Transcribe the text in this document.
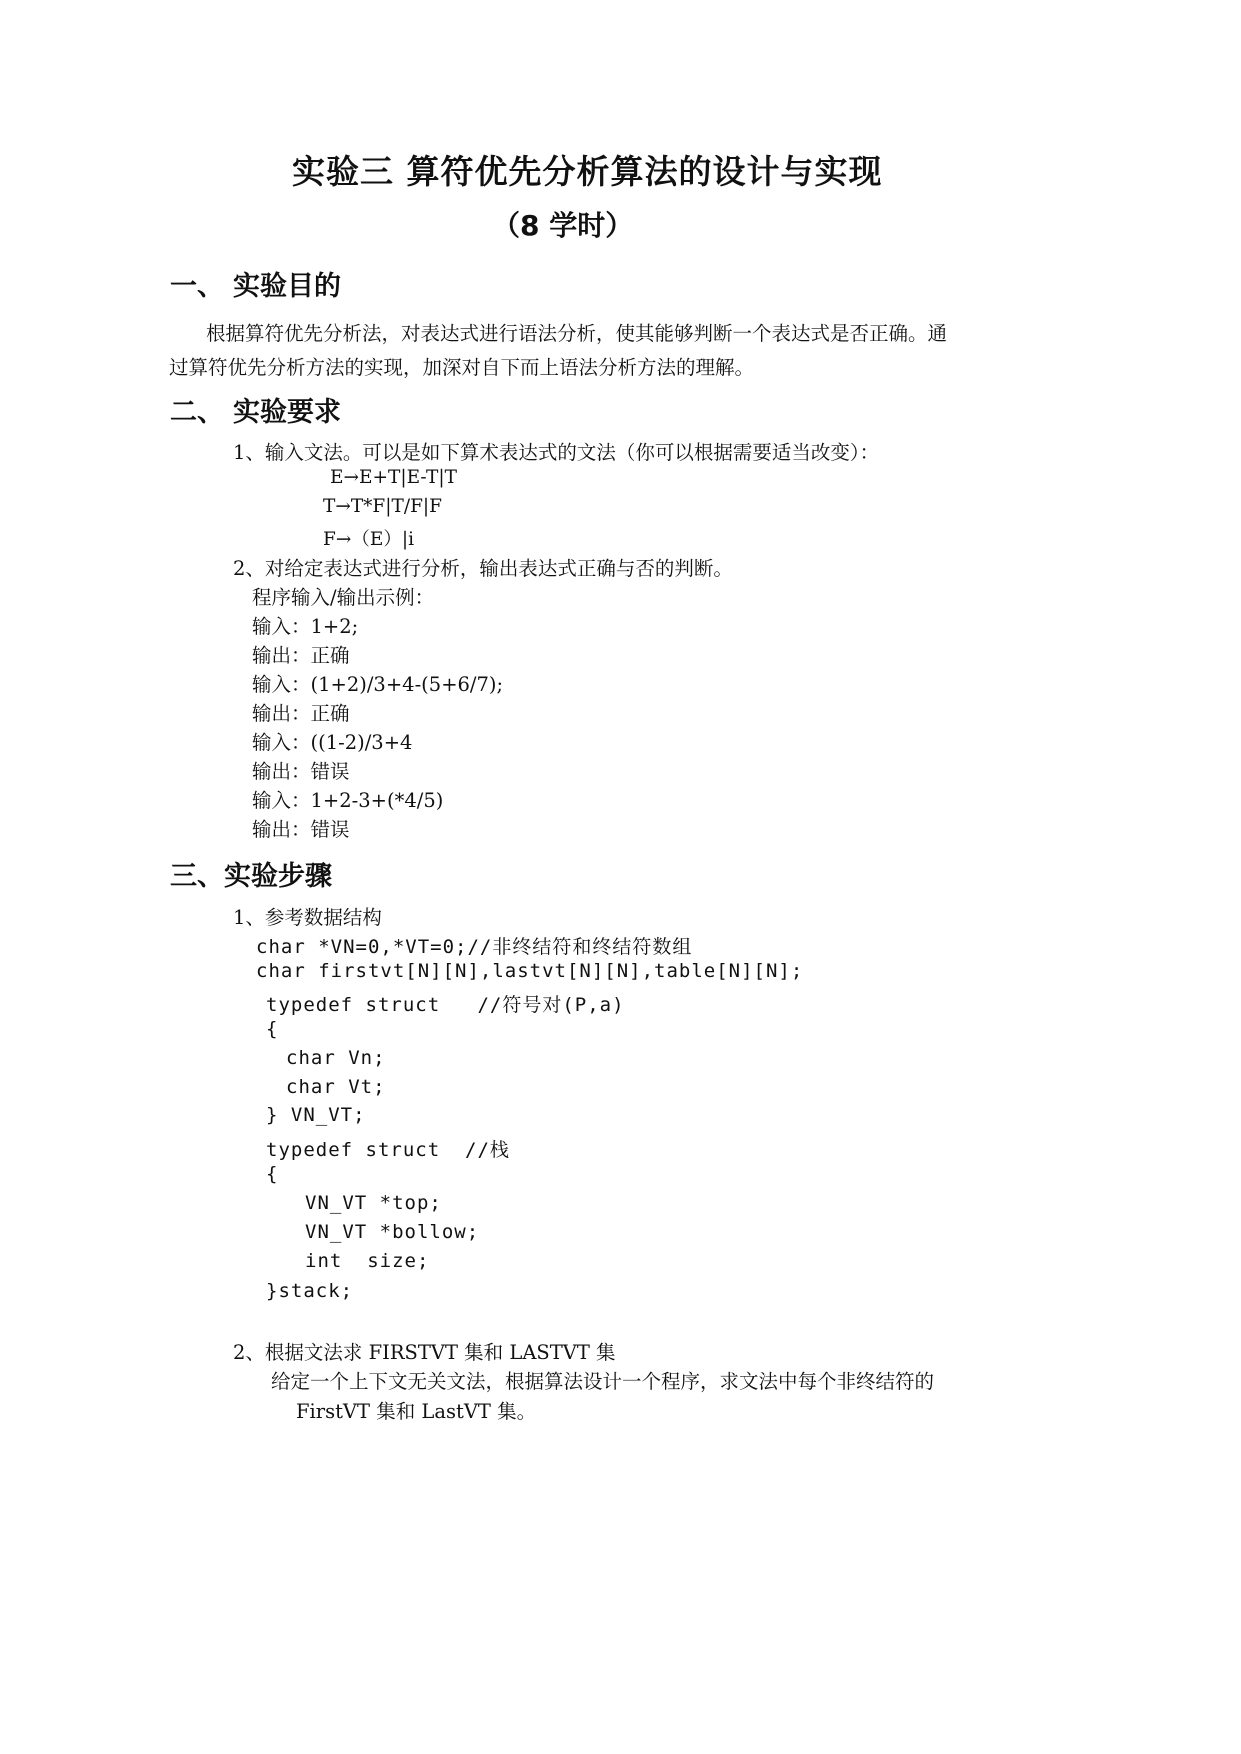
实验三 算符优先分析算法的设计与实现
（8 学时）
一、 实验目的
根据算符优先分析法，对表达式进行语法分析，使其能够判断一个表达式是否正确。通
过算符优先分析方法的实现，加深对自下而上语法分析方法的理解。
二、 实验要求
1、输入文法。可以是如下算术表达式的文法（你可以根据需要适当改变）：
E→E+T|E-T|T
T→T*F|T/F|F
F→（E）|i
2、对给定表达式进行分析，输出表达式正确与否的判断。
程序输入/输出示例：
输入：1+2;
输出：正确
输入：(1+2)/3+4-(5+6/7);
输出：正确
输入：((1-2)/3+4
输出：错误
输入：1+2-3+(*4/5)
输出：错误
三、实验步骤
1、参考数据结构
char *VN=0,*VT=0;//非终结符和终结符数组
char firstvt[N][N],lastvt[N][N],table[N][N];
typedef struct   //符号对(P,a)
{
char Vn;
char Vt;
} VN_VT;
typedef struct  //栈
{
VN_VT *top;
VN_VT *bollow;
int  size;
}stack;
2、根据文法求 FIRSTVT 集和 LASTVT 集
给定一个上下文无关文法，根据算法设计一个程序，求文法中每个非终结符的
FirstVT 集和 LastVT 集。
